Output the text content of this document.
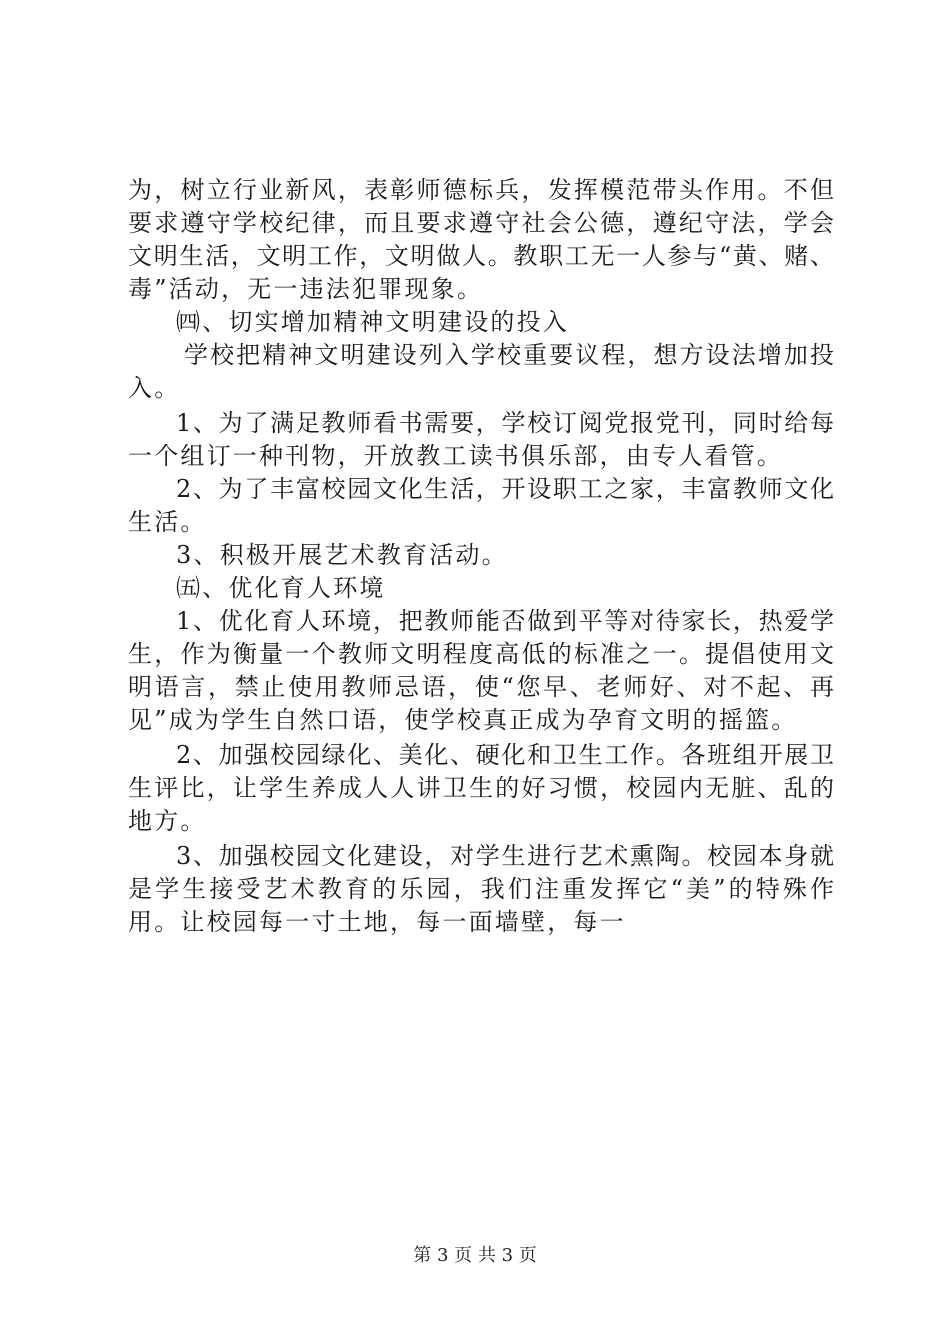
为，树立行业新风，表彰师德标兵，发挥模范带头作用。不但
要求遵守学校纪律，而且要求遵守社会公德，遵纪守法，学会
文明生活，文明工作，文明做人。教职工无一人参与“黄、赌、
毒”活动，无一违法犯罪现象。
㈣、切实增加精神文明建设的投入
学校把精神文明建设列入学校重要议程，想方设法增加投
入。
1、为了满足教师看书需要，学校订阅党报党刊，同时给每
一个组订一种刊物，开放教工读书俱乐部，由专人看管。
2、为了丰富校园文化生活，开设职工之家，丰富教师文化
生活。
3、积极开展艺术教育活动。
㈤、优化育人环境
1、优化育人环境，把教师能否做到平等对待家长，热爱学
生，作为衡量一个教师文明程度高低的标准之一。提倡使用文
明语言，禁止使用教师忌语，使“您早、老师好、对不起、再
见”成为学生自然口语，使学校真正成为孕育文明的摇篮。
2、加强校园绿化、美化、硬化和卫生工作。各班组开展卫
生评比，让学生养成人人讲卫生的好习惯，校园内无脏、乱的
地方。
3、加强校园文化建设，对学生进行艺术熏陶。校园本身就
是学生接受艺术教育的乐园，我们注重发挥它“美”的特殊作
用。让校园每一寸土地，每一面墙壁，每一
第 3 页 共 3 页
